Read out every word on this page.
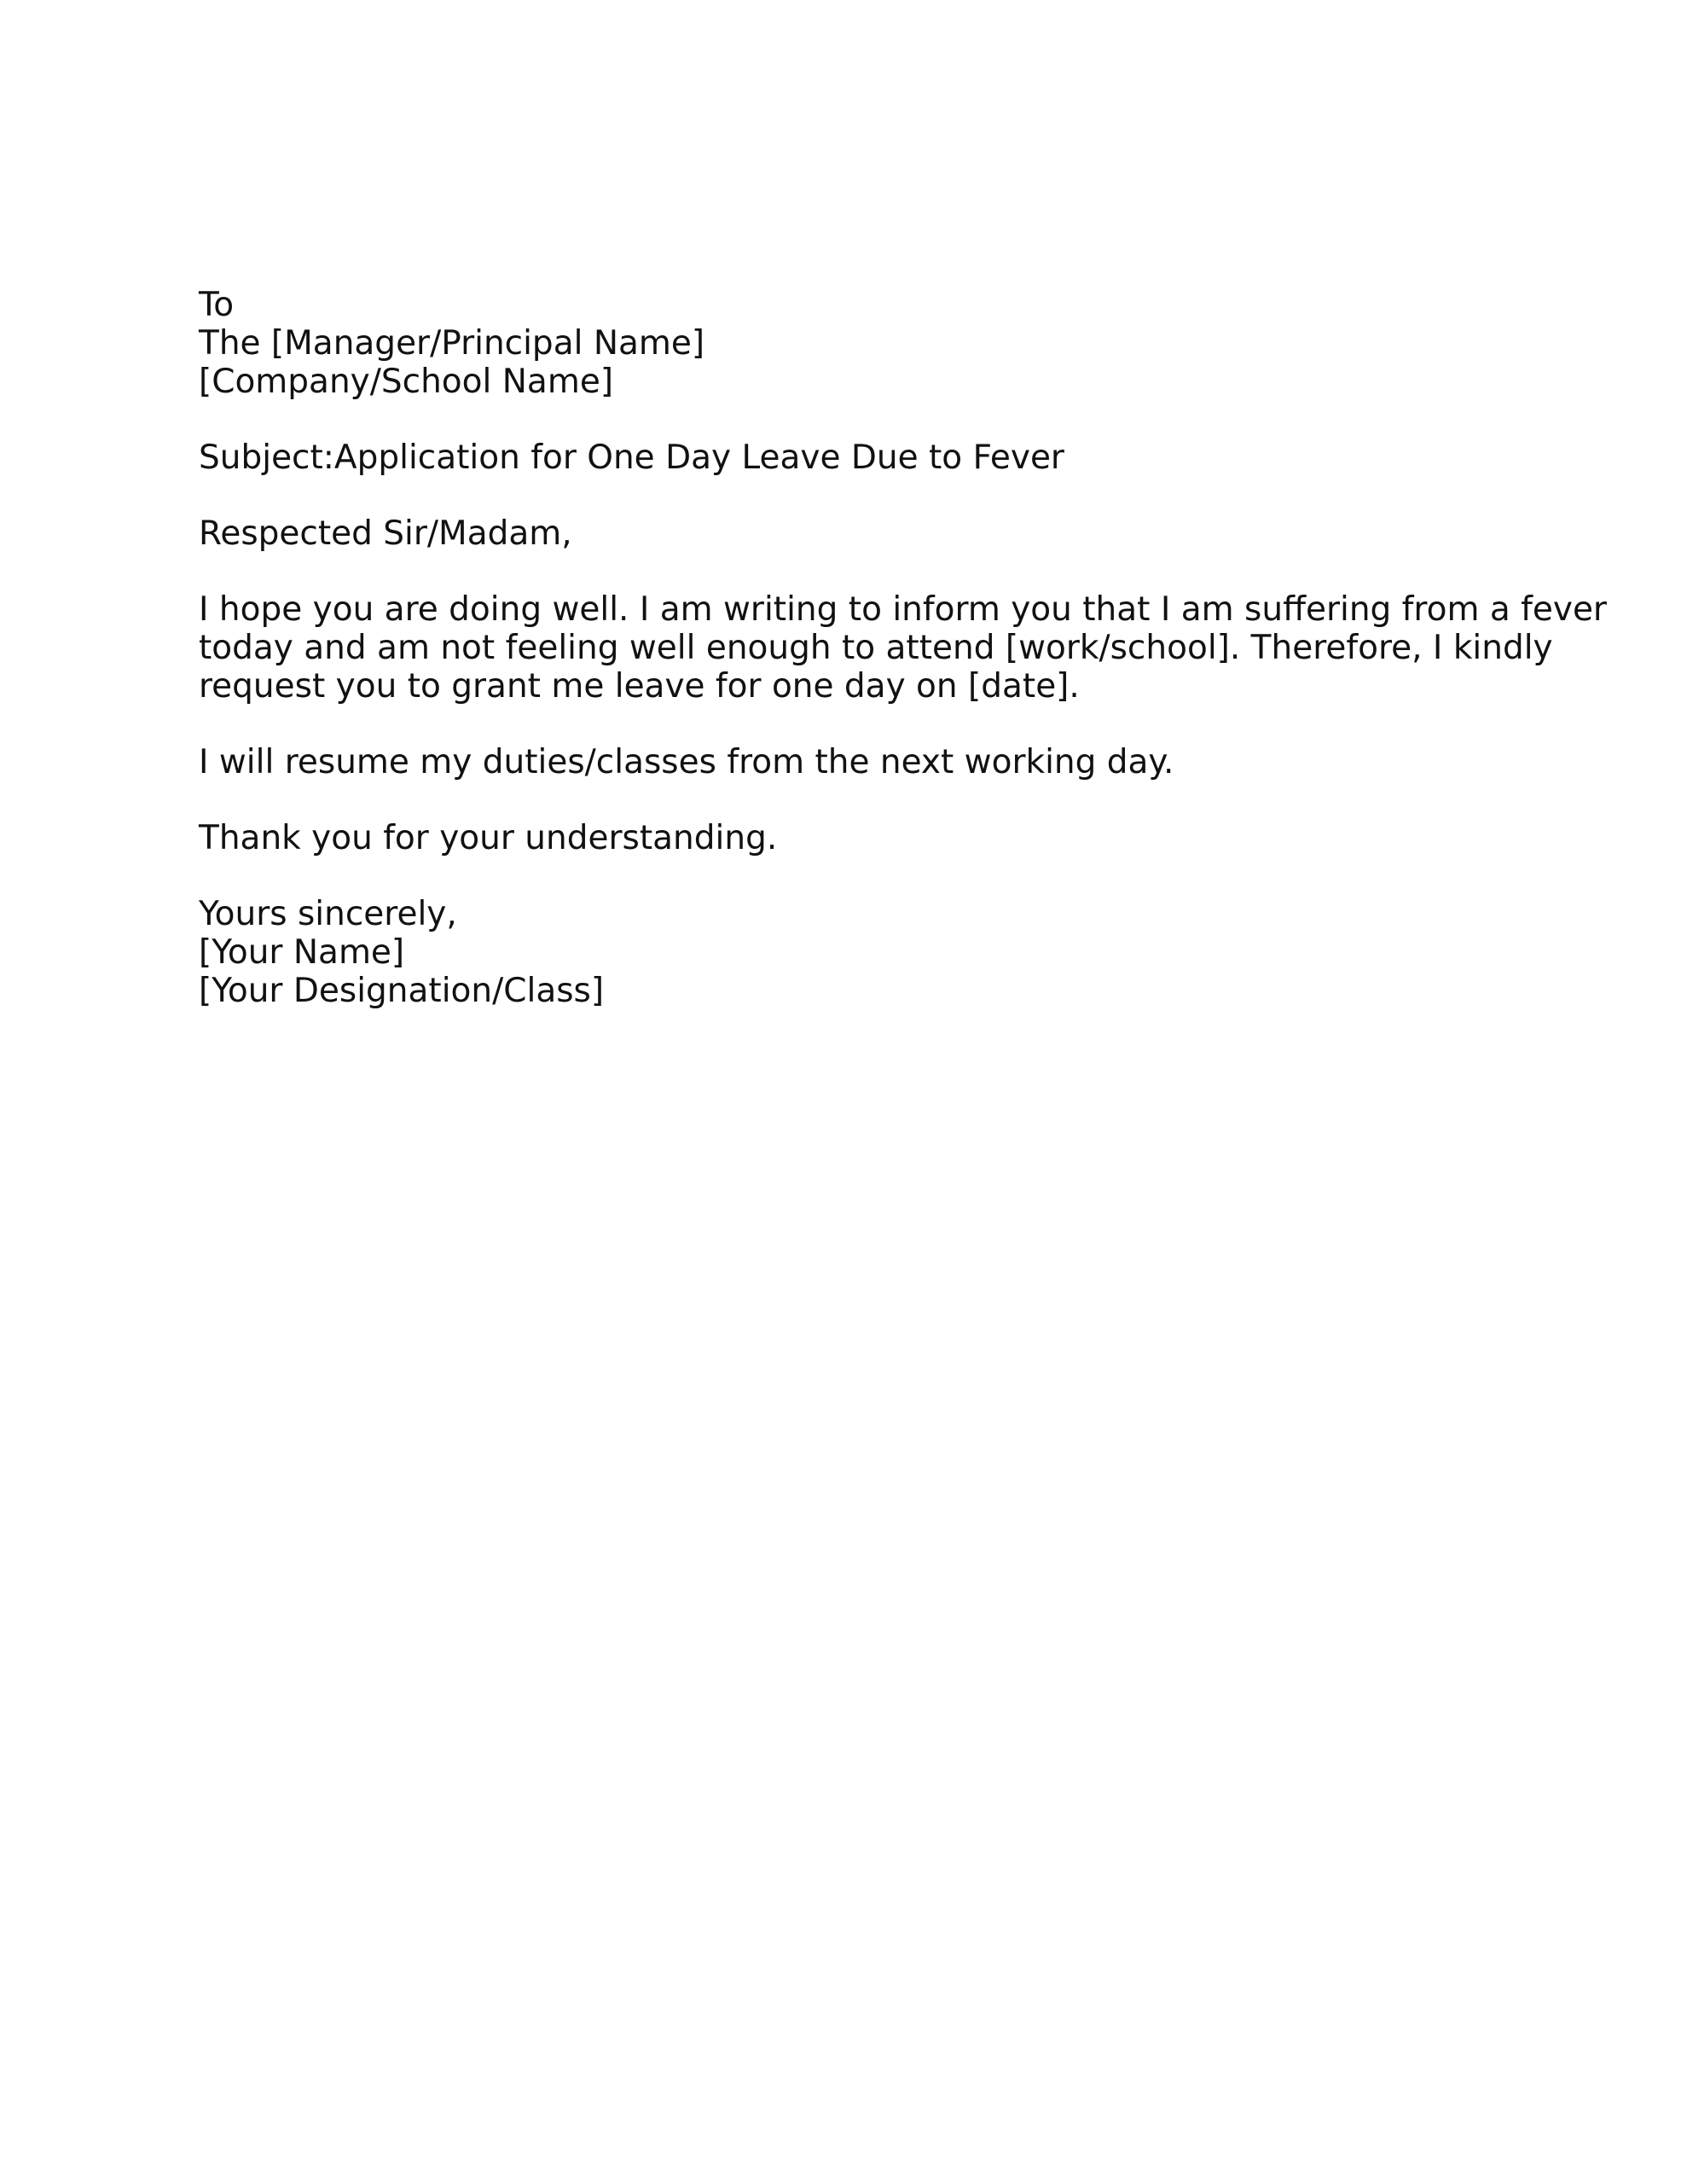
To
The [Manager/Principal Name]
[Company/School Name]
Subject:Application for One Day Leave Due to Fever
Respected Sir/Madam,
I hope you are doing well. I am writing to inform you that I am suffering from a fever
today and am not feeling well enough to attend [work/school]. Therefore, I kindly
request you to grant me leave for one day on [date].
I will resume my duties/classes from the next working day.
Thank you for your understanding.
Yours sincerely,
[Your Name]
[Your Designation/Class]
